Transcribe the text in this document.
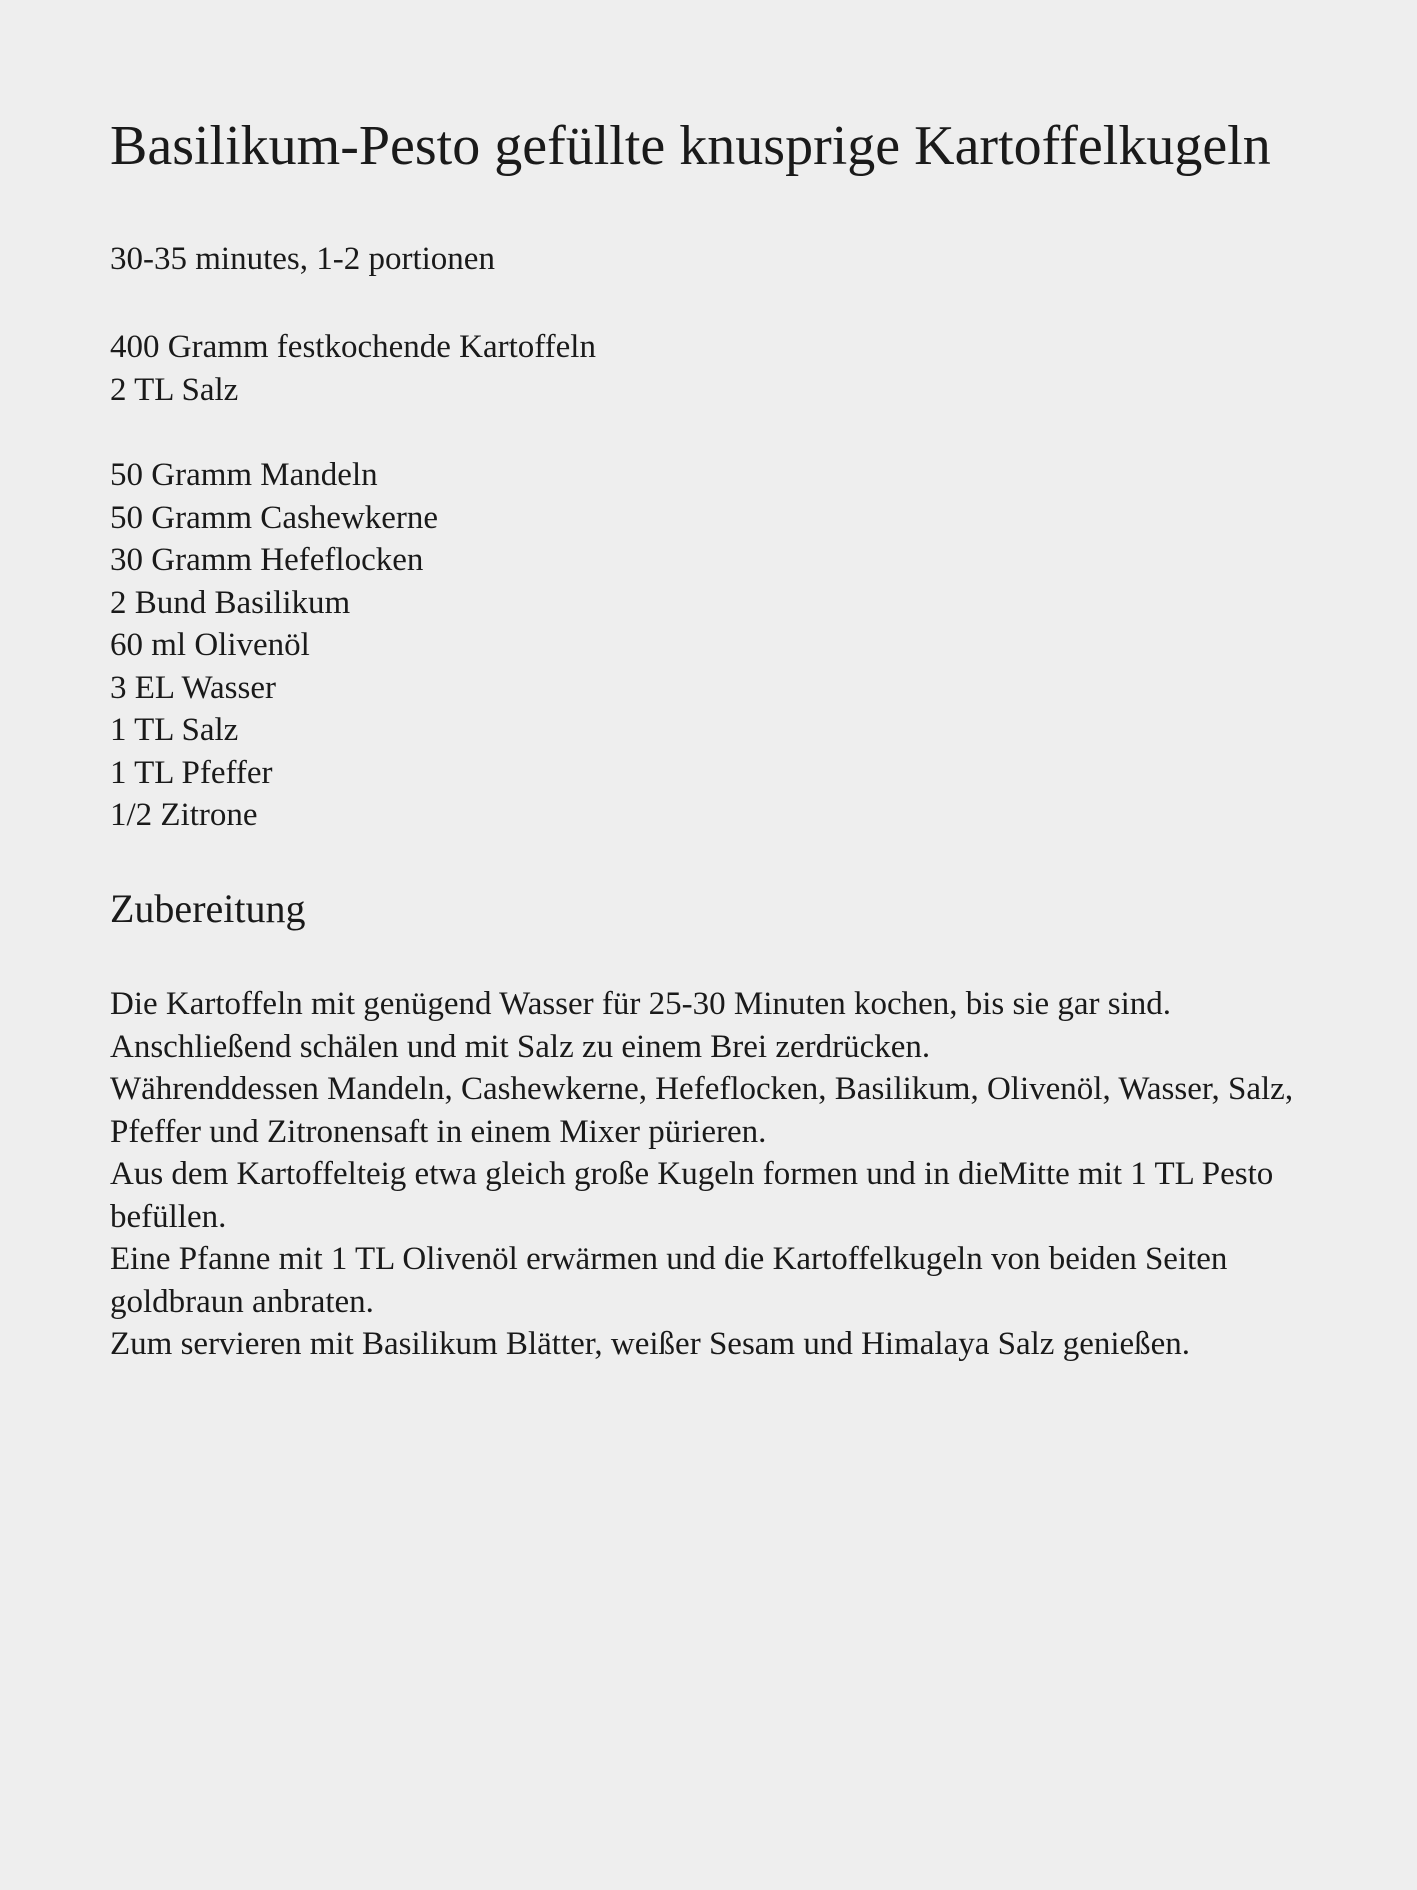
Basilikum-Pesto gefüllte knusprige Kartoffelkugeln

30-35 minutes, 1-2 portionen

400 Gramm festkochende Kartoffeln
2 TL Salz
50 Gramm Mandeln
50 Gramm Cashewkerne
30 Gramm Hefeflocken
2 Bund Basilikum
60 ml Olivenöl
3 EL Wasser
1 TL Salz
1 TL Pfeffer
1/2 Zitrone
Zubereitung

Die Kartoffeln mit genügend Wasser für 25-30 Minuten kochen, bis sie gar sind. Anschließend schälen und mit Salz zu einem Brei zerdrücken.

Währenddessen Mandeln, Cashewkerne, Hefeflocken, Basilikum, Olivenöl, Wasser, Salz, Pfeffer und Zitronensaft in einem Mixer pürieren.

Aus dem Kartoffelteig etwa gleich große Kugeln formen und in dieMitte mit 1 TL Pesto befüllen.

Eine Pfanne mit 1 TL Olivenöl erwärmen und die Kartoffelkugeln von beiden Seiten goldbraun anbraten.

Zum servieren mit Basilikum Blätter, weißer Sesam und Himalaya Salz genießen.
